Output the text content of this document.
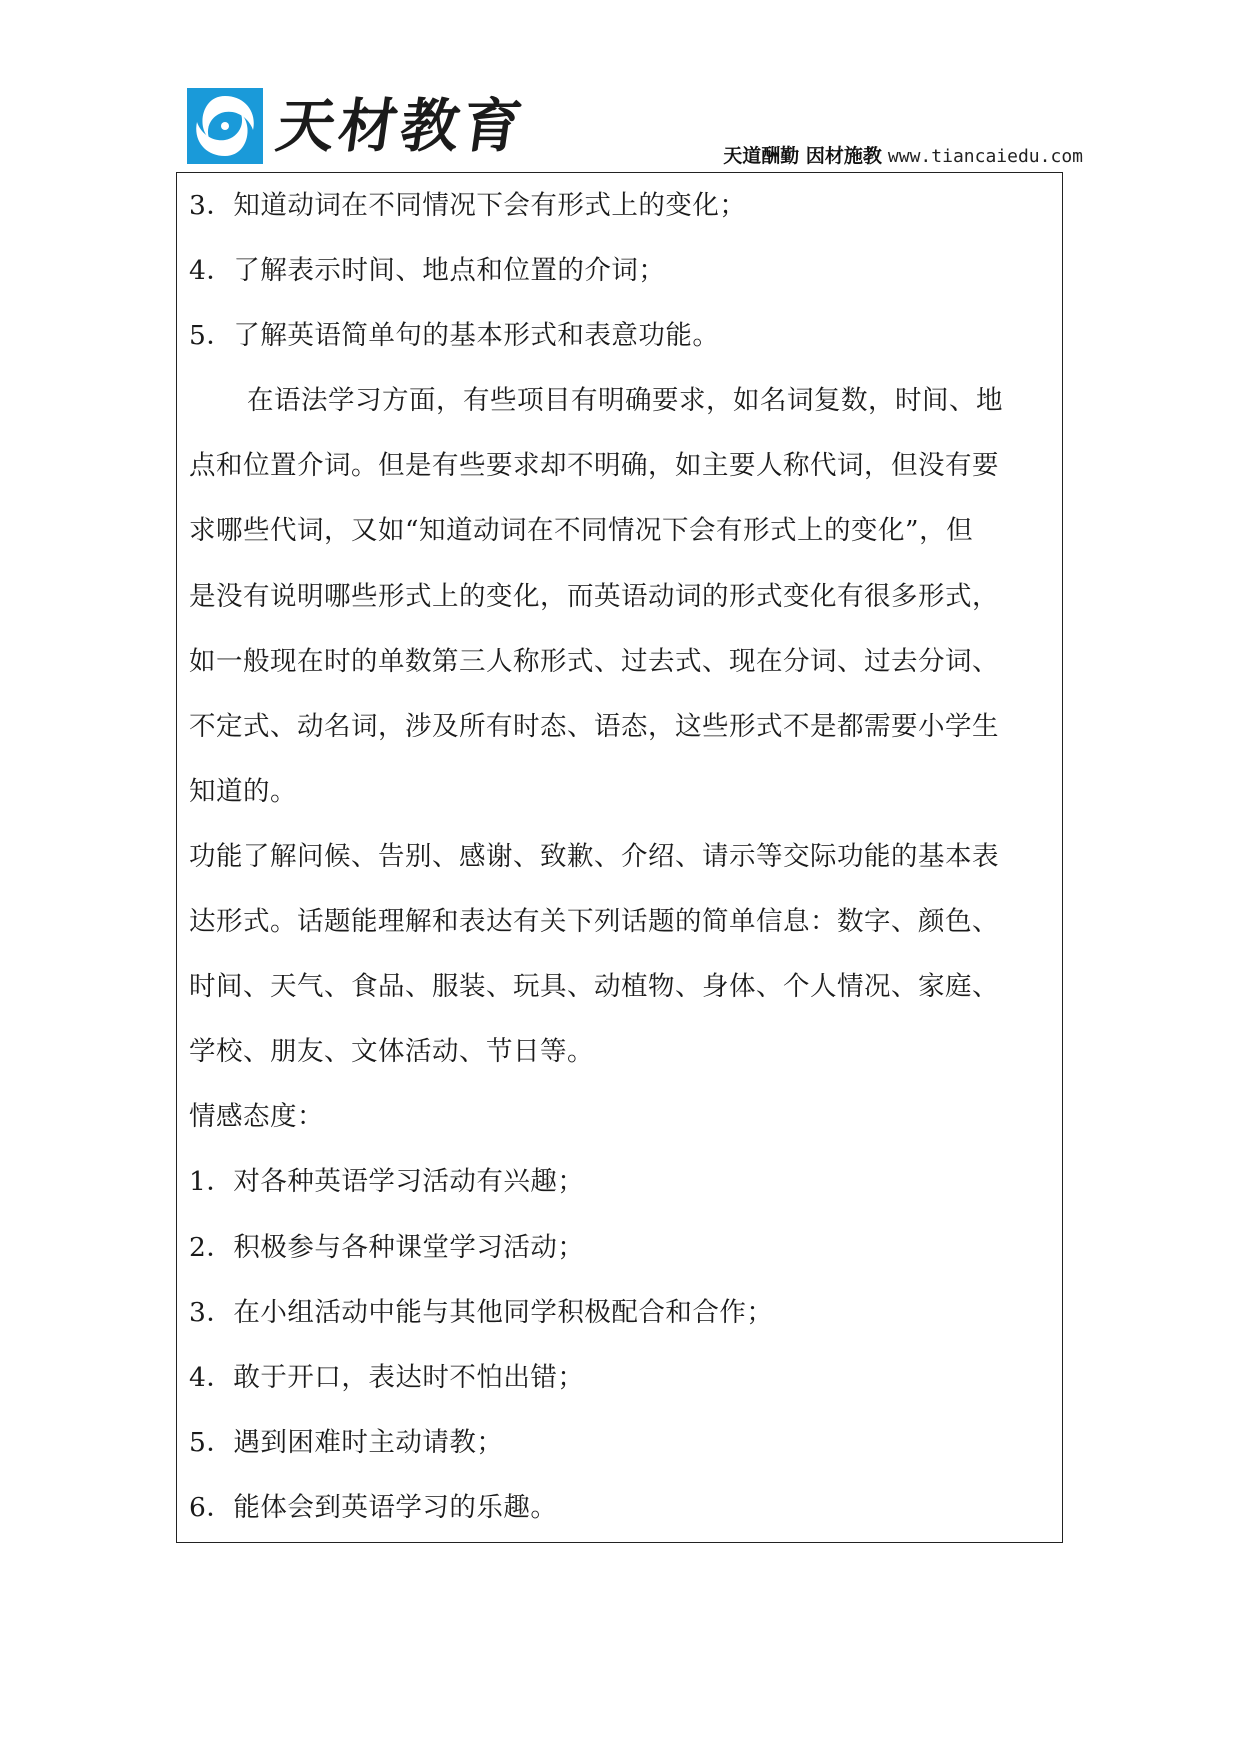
天材教育	天道酬勤 因材施教 www.tiancaiedu.com
3．知道动词在不同情况下会有形式上的变化；
4．了解表示时间、地点和位置的介词；
5．了解英语简单句的基本形式和表意功能。
在语法学习方面，有些项目有明确要求，如名词复数，时间、地
点和位置介词。但是有些要求却不明确，如主要人称代词，但没有要
求哪些代词，又如“知道动词在不同情况下会有形式上的变化”，但
是没有说明哪些形式上的变化，而英语动词的形式变化有很多形式，
如一般现在时的单数第三人称形式、过去式、现在分词、过去分词、
不定式、动名词，涉及所有时态、语态，这些形式不是都需要小学生
知道的。
功能了解问候、告别、感谢、致歉、介绍、请示等交际功能的基本表
达形式。话题能理解和表达有关下列话题的简单信息：数字、颜色、
时间、天气、食品、服装、玩具、动植物、身体、个人情况、家庭、
学校、朋友、文体活动、节日等。
情感态度：
1．对各种英语学习活动有兴趣；
2．积极参与各种课堂学习活动；
3．在小组活动中能与其他同学积极配合和合作；
4．敢于开口，表达时不怕出错；
5．遇到困难时主动请教；
6．能体会到英语学习的乐趣。
